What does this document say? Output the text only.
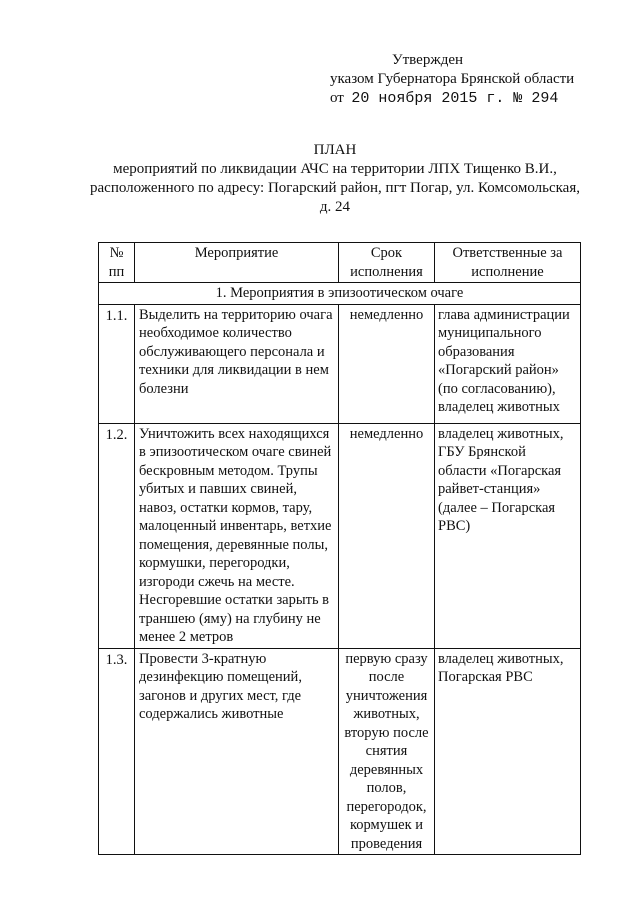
Утвержден
указом Губернатора Брянской области
от 20 ноября 2015 г. № 294
ПЛАН
мероприятий по ликвидации АЧС на территории ЛПХ Тищенко В.И.,
расположенного по адресу: Погарский район, пгт Погар, ул. Комсомольская,
д. 24
№ пп	Мероприятие	Срок исполнения	Ответственные за исполнение
1. Мероприятия в эпизоотическом очаге			
1.1.	Выделить на территорию очага необходимое количество обслуживающего персонала и техники для ликвидации в нем болезни	немедленно	глава администрации муниципального образования «Погарский район» (по согласованию), владелец животных
1.2.	Уничтожить всех находящихся в эпизоотическом очаге свиней бескровным методом. Трупы убитых и павших свиней, навоз, остатки кормов, тару, малоценный инвентарь, ветхие помещения, деревянные полы, кормушки, перегородки, изгороди сжечь на месте. Несгоревшие остатки зарыть в траншею (яму) на глубину не менее 2 метров	немедленно	владелец животных, ГБУ Брянской области «Погарская райвет-станция» (далее – Погарская РВС)
1.3.	Провести 3-кратную дезинфекцию помещений, загонов и других мест, где содержались животные	первую сразу после уничтожения животных, вторую после снятия деревянных полов, перегородок, кормушек и проведения	владелец животных, Погарская РВС
